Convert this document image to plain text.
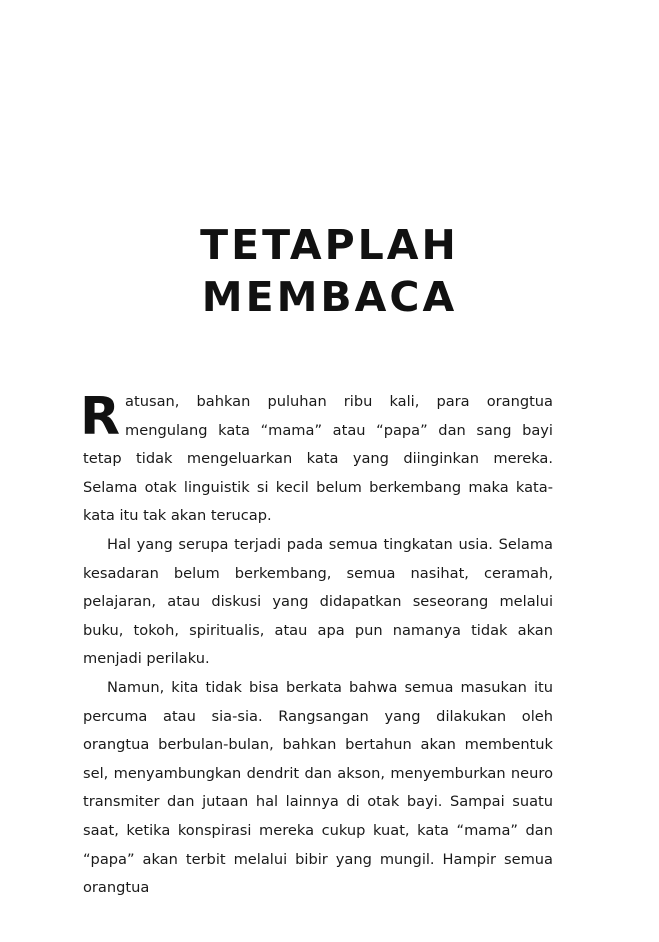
TETAPLAH
MEMBACA

Ratusan, bahkan puluhan ribu kali, para orangtua mengulang kata “mama” atau “papa” dan sang bayi tetap tidak mengeluarkan kata yang diinginkan mereka. Selama otak linguistik si kecil belum berkembang maka kata-kata itu tak akan terucap.

Hal yang serupa terjadi pada semua tingkatan usia. Selama kesadaran belum berkembang, semua nasihat, ceramah, pelajaran, atau diskusi yang didapatkan seseorang melalui buku, tokoh, spiritualis, atau apa pun namanya tidak akan menjadi perilaku.

Namun, kita tidak bisa berkata bahwa semua masukan itu percuma atau sia-sia. Rangsangan yang dilakukan oleh orangtua berbulan-bulan, bahkan bertahun akan membentuk sel, menyambungkan dendrit dan akson, menyemburkan neuro transmiter dan jutaan hal lainnya di otak bayi. Sampai suatu saat, ketika konspirasi mereka cukup kuat, kata “mama” dan “papa” akan terbit melalui bibir yang mungil. Hampir semua orangtua
